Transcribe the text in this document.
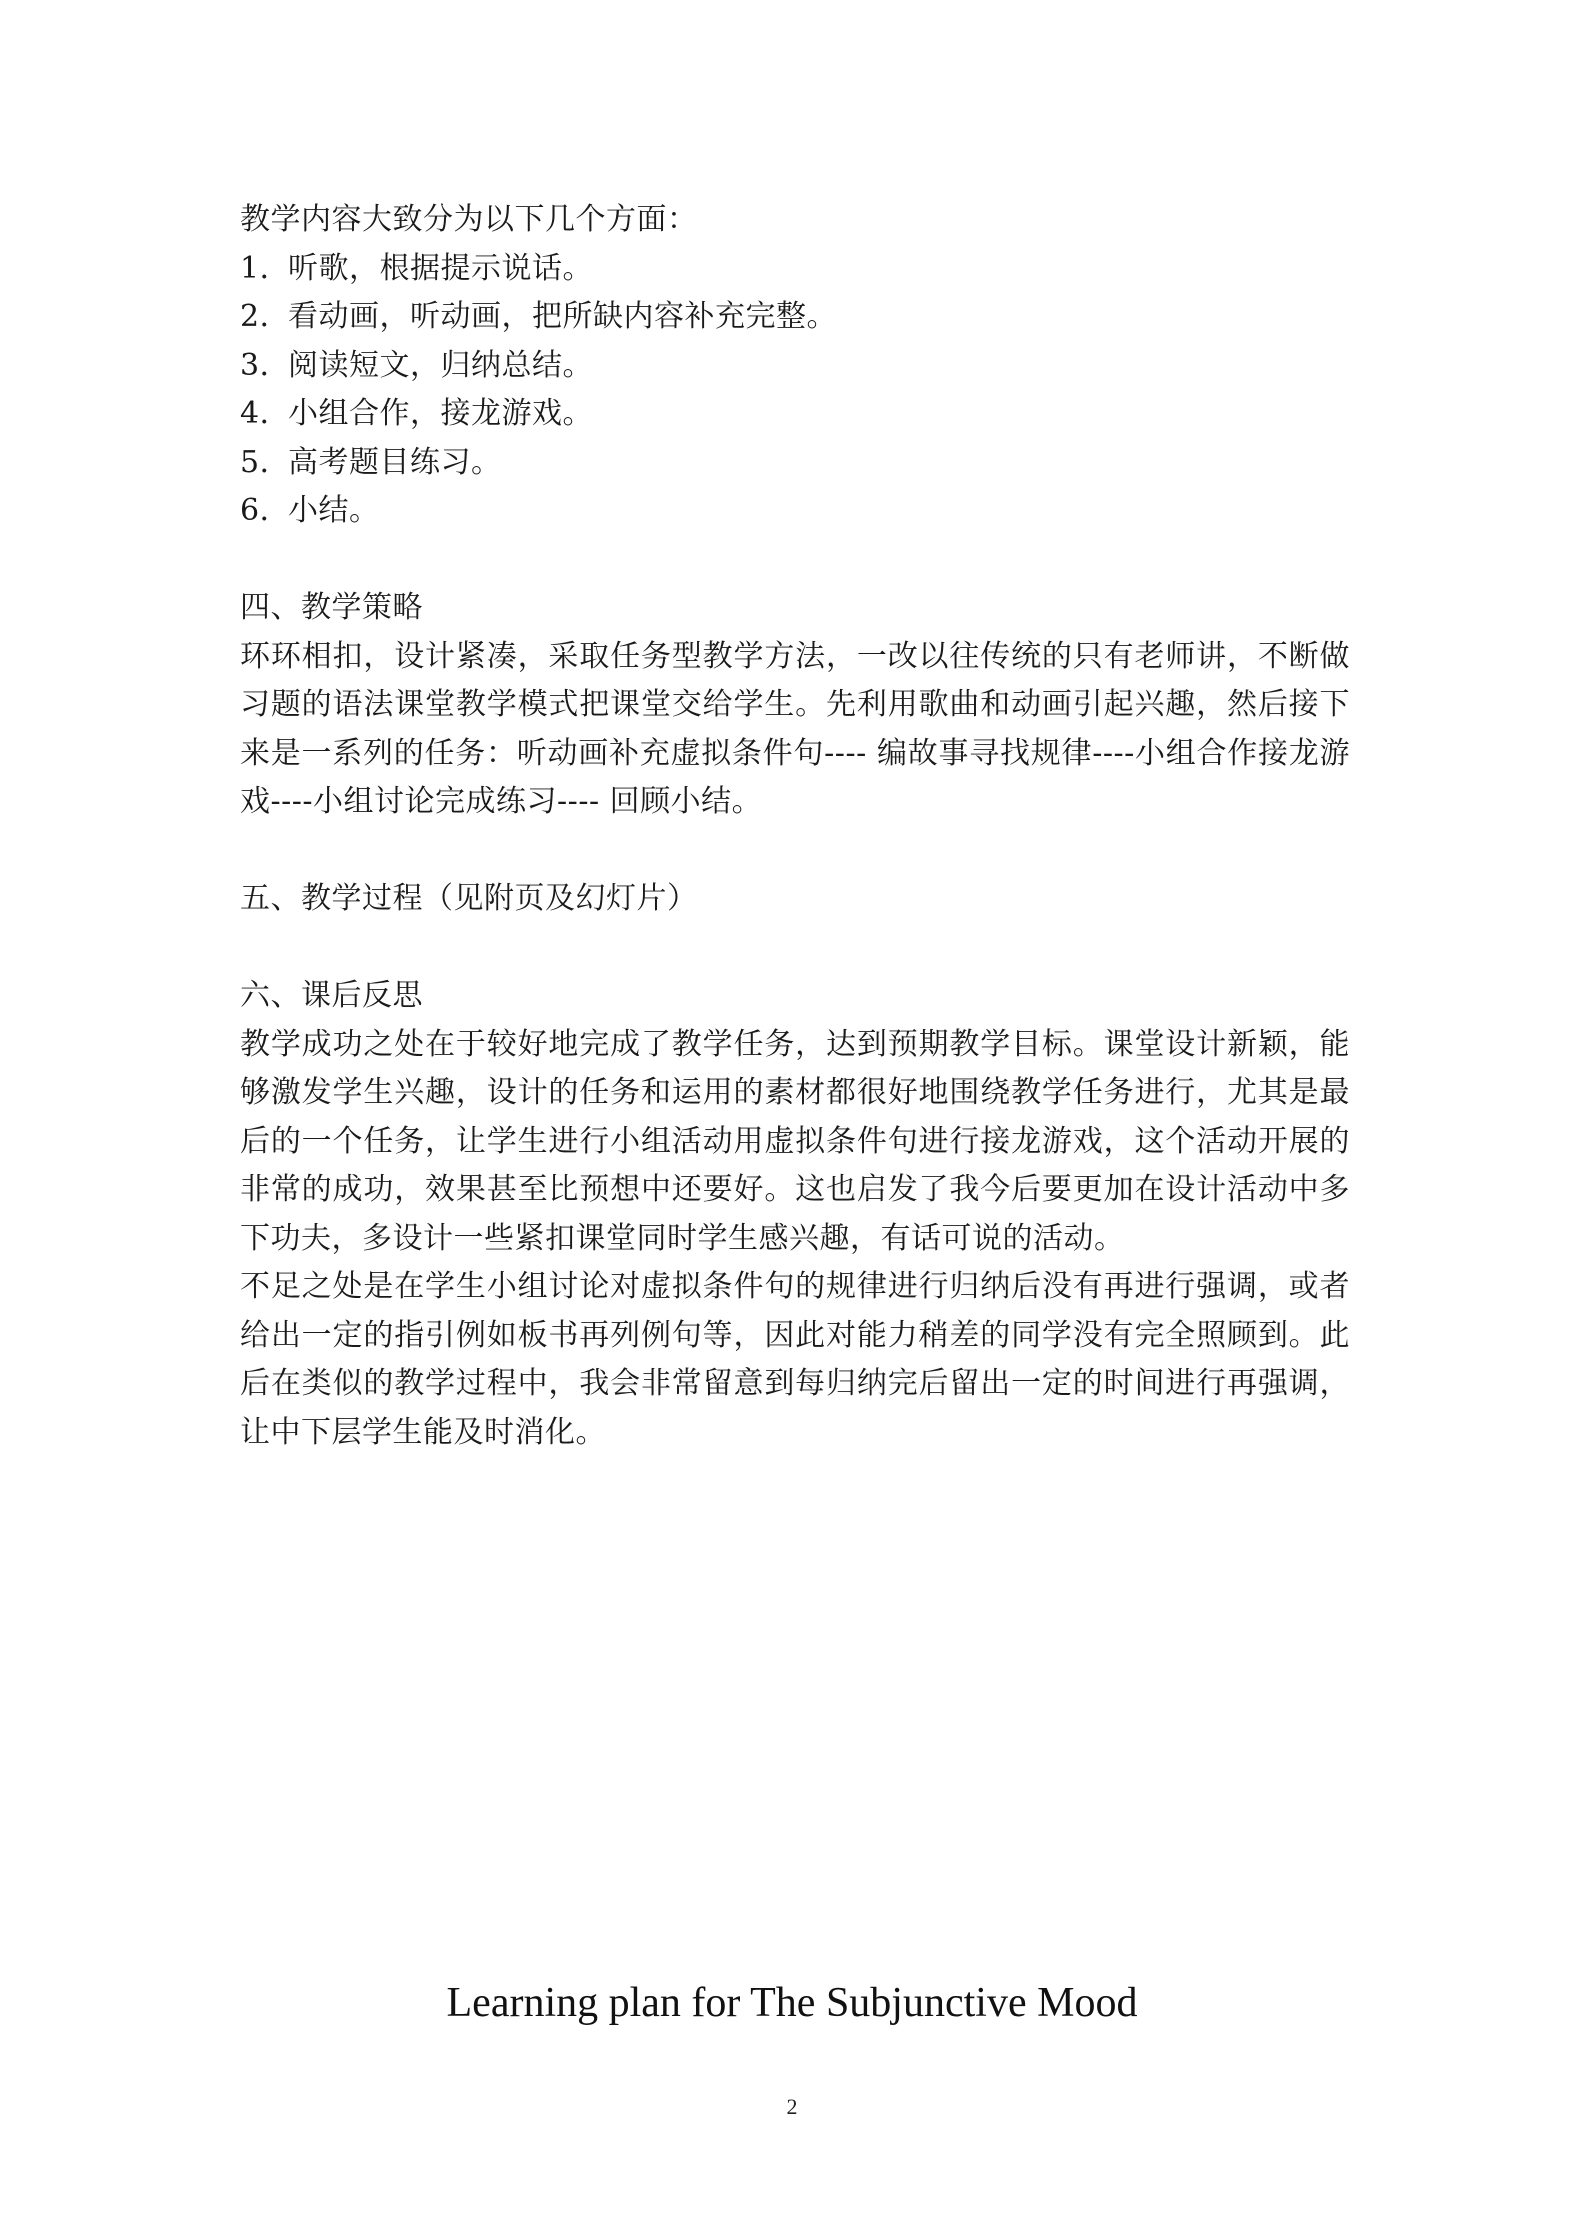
教学内容大致分为以下几个方面：
1．听歌，根据提示说话。
2．看动画，听动画，把所缺内容补充完整。
3．阅读短文，归纳总结。
4．小组合作，接龙游戏。
5．高考题目练习。
6．小结。
四、教学策略

环环相扣，设计紧凑，采取任务型教学方法，一改以往传统的只有老师讲，不断做习题的语法课堂教学模式把课堂交给学生。先利用歌曲和动画引起兴趣，然后接下来是一系列的任务：听动画补充虚拟条件句---- 编故事寻找规律----小组合作接龙游戏----小组讨论完成练习---- 回顾小结。

五、教学过程（见附页及幻灯片）
六、课后反思

教学成功之处在于较好地完成了教学任务，达到预期教学目标。课堂设计新颖，能够激发学生兴趣，设计的任务和运用的素材都很好地围绕教学任务进行，尤其是最后的一个任务，让学生进行小组活动用虚拟条件句进行接龙游戏，这个活动开展的非常的成功，效果甚至比预想中还要好。这也启发了我今后要更加在设计活动中多下功夫，多设计一些紧扣课堂同时学生感兴趣，有话可说的活动。

不足之处是在学生小组讨论对虚拟条件句的规律进行归纳后没有再进行强调，或者给出一定的指引例如板书再列例句等，因此对能力稍差的同学没有完全照顾到。此后在类似的教学过程中，我会非常留意到每归纳完后留出一定的时间进行再强调，让中下层学生能及时消化。

Learning plan for The Subjunctive Mood
2
